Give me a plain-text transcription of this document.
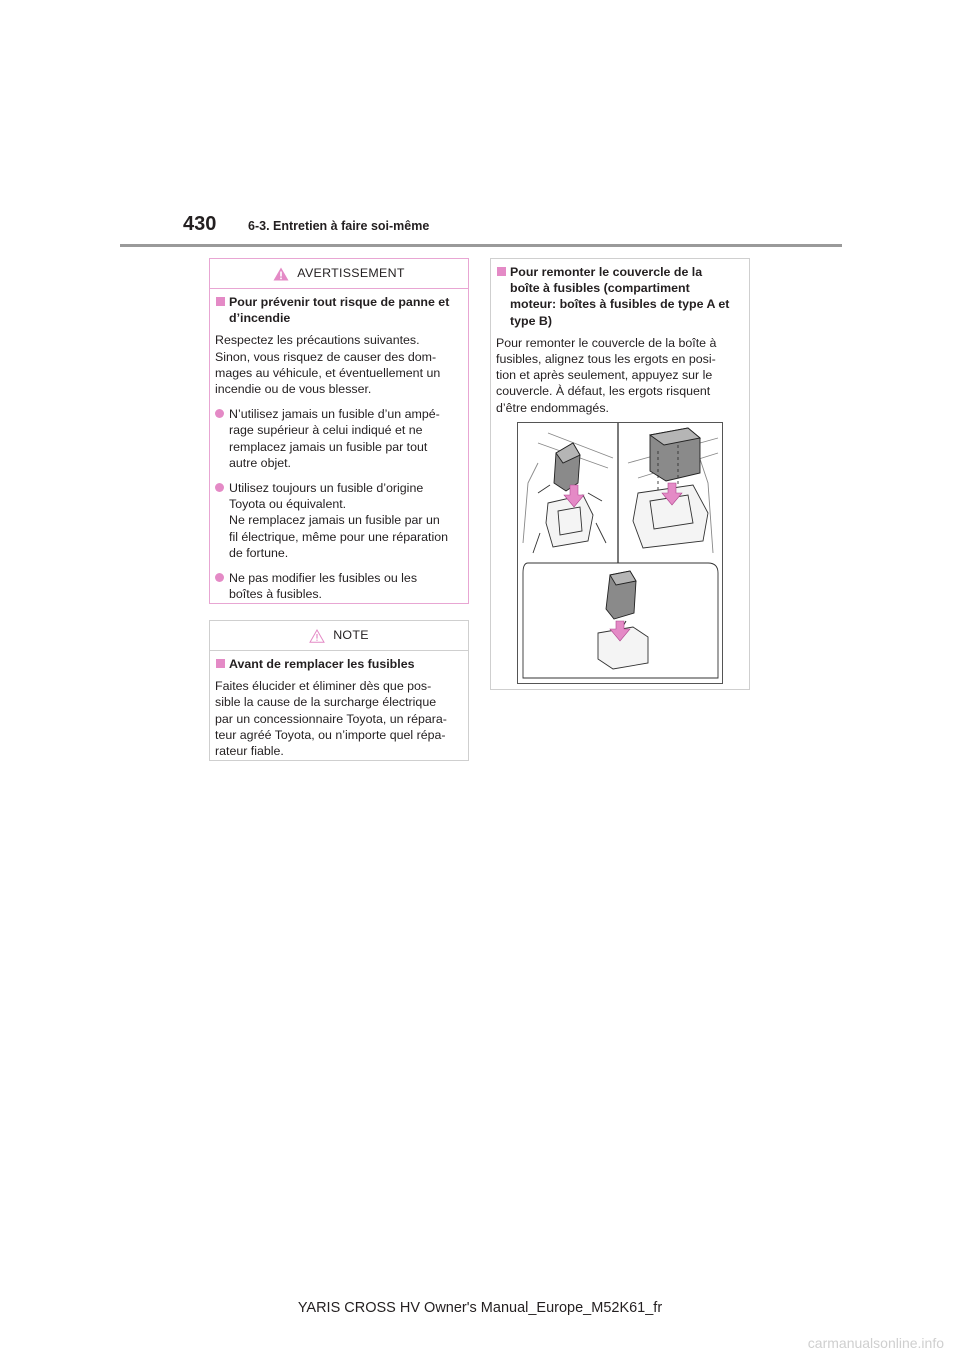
430	6-3. Entretien à faire soi-même
AVERTISSEMENT
Pour prévenir tout risque de panne et
d’incendie
Respectez les précautions suivantes.
Sinon, vous risquez de causer des dom-
mages au véhicule, et éventuellement un
incendie ou de vous blesser.
N’utilisez jamais un fusible d’un ampé-
rage supérieur à celui indiqué et ne
remplacez jamais un fusible par tout
autre objet.
Utilisez toujours un fusible d’origine
Toyota ou équivalent.
Ne remplacez jamais un fusible par un
fil électrique, même pour une réparation
de fortune.
Ne pas modifier les fusibles ou les
boîtes à fusibles.
NOTE
Avant de remplacer les fusibles
Faites élucider et éliminer dès que pos-
sible la cause de la surcharge électrique
par un concessionnaire Toyota, un répara-
teur agréé Toyota, ou n’importe quel répa-
rateur fiable.
Pour remonter le couvercle de la
boîte à fusibles (compartiment
moteur: boîtes à fusibles de type A et
type B)
Pour remonter le couvercle de la boîte à
fusibles, alignez tous les ergots en posi-
tion et après seulement, appuyez sur le
couvercle. À défaut, les ergots risquent
d’être endommagés.
YARIS CROSS HV Owner's Manual_Europe_M52K61_fr
carmanualsonline.info
